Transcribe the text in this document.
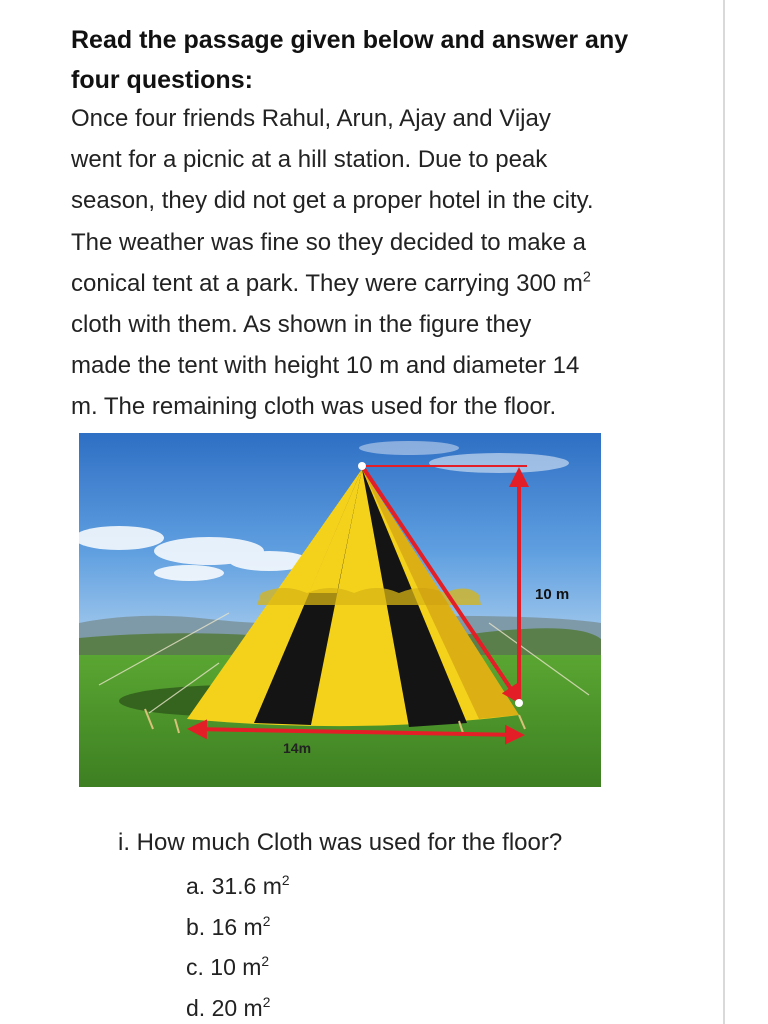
Read the passage given below and answer any
four questions:
Once four friends Rahul, Arun, Ajay and Vijay
went for a picnic at a hill station. Due to peak
season, they did not get a proper hotel in the city.
The weather was fine so they decided to make a
conical tent at a park. They were carrying 300 $m^2$
cloth with them. As shown in the figure they
made the tent with height 10 m and diameter 14
m. The remaining cloth was used for the floor.
10 m
14m
i. How much Cloth was used for the floor?
a. 31.6 $m^2$
b. 16 $m^2$
c. 10 $m^2$
d. 20 $m^2$
